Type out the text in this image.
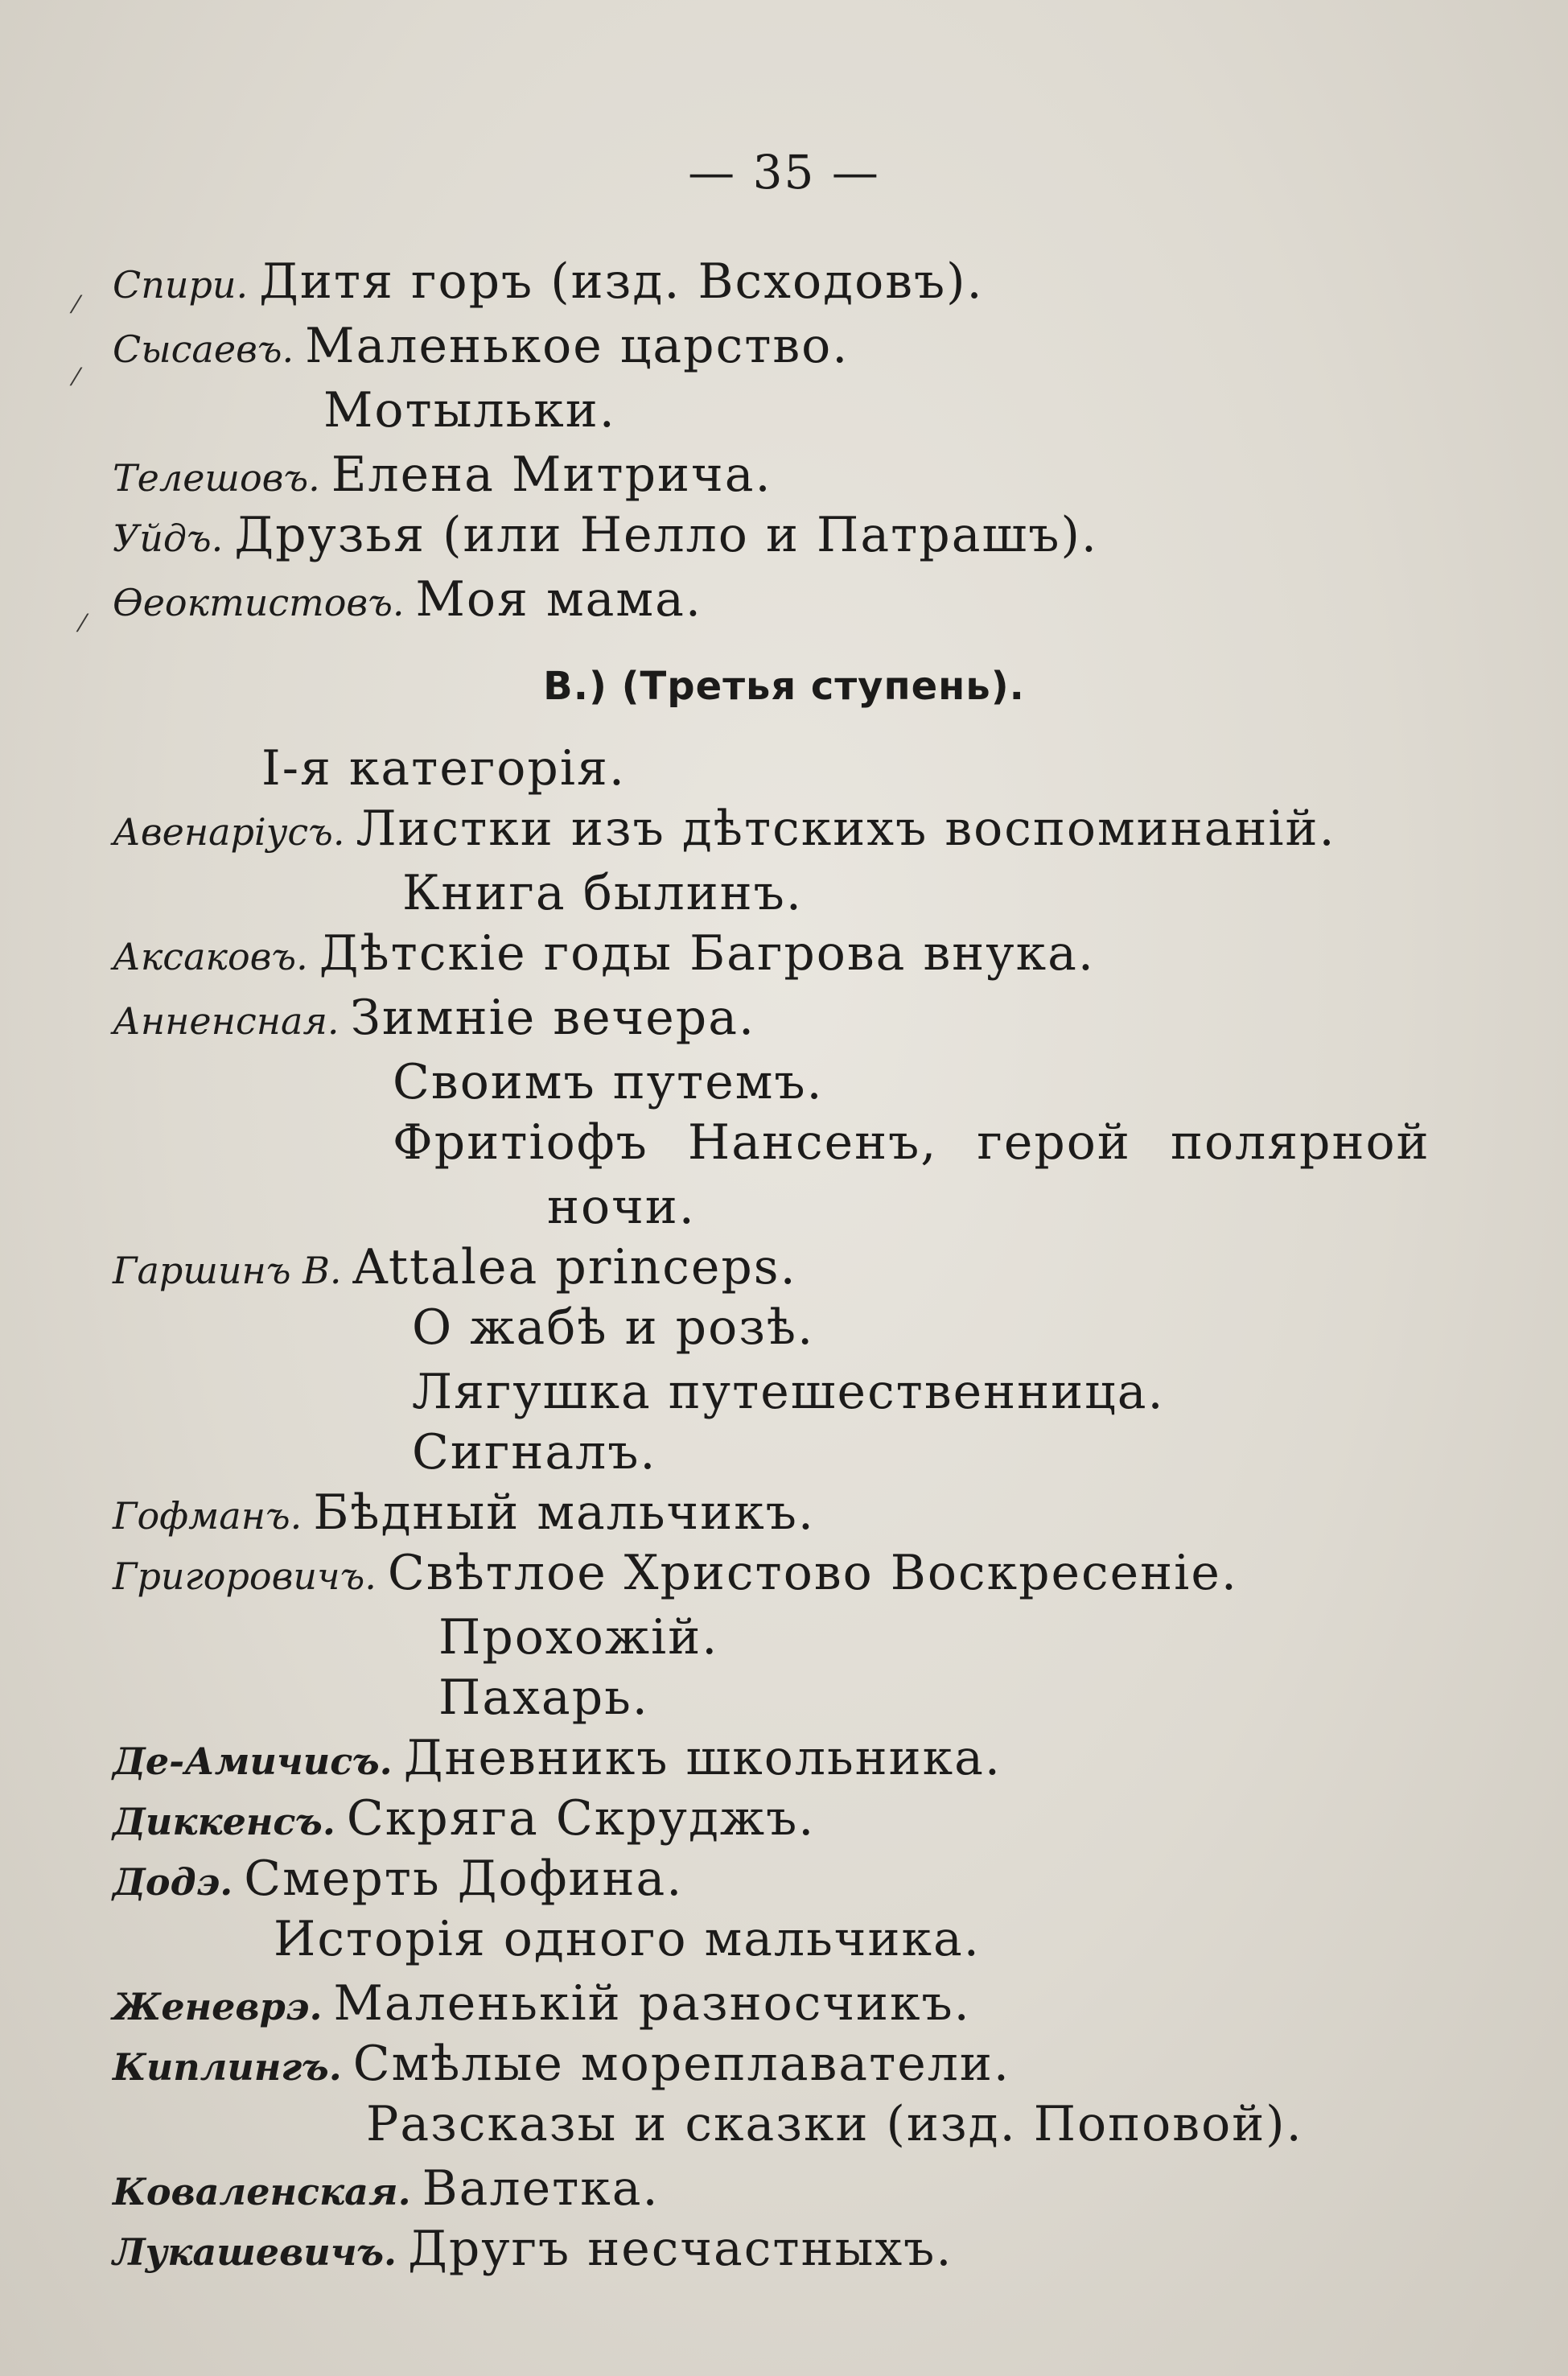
— 35 —
Спири. Дитя горъ (изд. Всходовъ).
Сысаевъ. Маленькое царство.
Мотыльки.
Телешовъ. Елена Митрича.
Уйдъ. Друзья (или Нелло и Патрашъ).
Ѳеоктистовъ. Моя мама.
В.) (Третья ступень).
I-я категорія.
Авенаріусъ. Листки изъ дѣтскихъ воспоминаній.
Книга былинъ.
Аксаковъ. Дѣтскіе годы Багрова внука.
Анненсная. Зимніе вечера.
Своимъ путемъ.
Фритіофъ Нансенъ, герой полярной
ночи.
Гаршинъ В. Attalea princeps.
О жабѣ и розѣ.
Лягушка путешественница.
Сигналъ.
Гофманъ. Бѣдный мальчикъ.
Григоровичъ. Свѣтлое Христово Воскресеніе.
Прохожій.
Пахарь.
Де-Амичисъ. Дневникъ школьника.
Диккенсъ. Скряга Скруджъ.
Додэ. Смерть Дофина.
Исторія одного мальчика.
Женеврэ. Маленькій разносчикъ.
Киплингъ. Смѣлые мореплаватели.
Разсказы и сказки (изд. Поповой).
Коваленская. Валетка.
Лукашевичъ. Другъ несчастныхъ.
⁄
⁄
⁄
